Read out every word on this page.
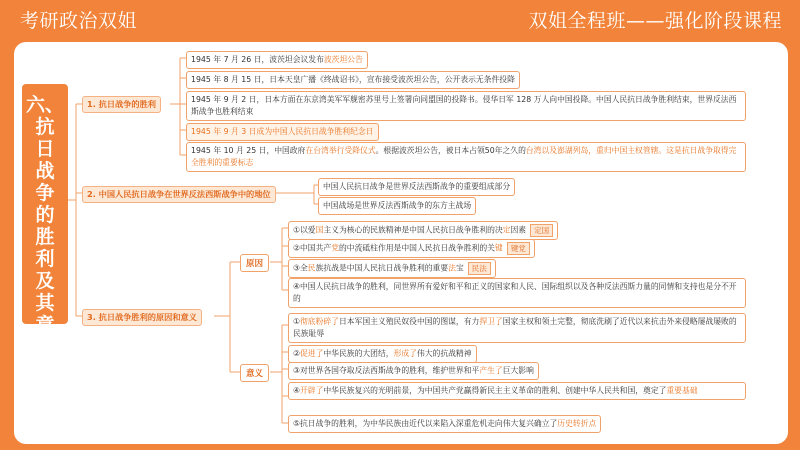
考研政治双姐	双姐全程班——强化阶段课程
六、
抗
日
战
争
的
胜
利
及
其
意
义
1. 抗日战争的胜利
1945 年 7 月 26 日，波茨坦会议发布波茨坦公告
1945 年 8 月 15 日，日本天皇广播《终战诏书》，宣布接受波茨坦公告，公开表示无条件投降
1945 年 9 月 2 日，日本方面在东京湾美军军舰密苏里号上签署向同盟国的投降书。侵华日军 128 万人向中国投降。中国人民抗日战争胜利结束，世界反法西斯战争也胜利结束
1945 年 9 月 3 日成为中国人民抗日战争胜利纪念日
1945 年 10 月 25 日，中国政府在台湾举行受降仪式。根据波茨坦公告，被日本占领50年之久的台湾以及澎湖列岛，重归中国主权管辖。这是抗日战争取得完全胜利的重要标志
2. 中国人民抗日战争在世界反法西斯战争中的地位
中国人民抗日战争是世界反法西斯战争的重要组成部分
中国战场是世界反法西斯战争的东方主战场
3. 抗日战争胜利的原因和意义
原因
意义
①以爱国主义为核心的民族精神是中国人民抗日战争胜利的决定因素 定国
②中国共产党的中流砥柱作用是中国人民抗日战争胜利的关键 键党
③全民族抗战是中国人民抗日战争胜利的重要法宝 民法
④中国人民抗日战争的胜利，同世界所有爱好和平和正义的国家和人民、国际组织以及各种反法西斯力量的同情和支持也是分不开的
①彻底粉碎了日本军国主义殖民奴役中国的图谋，有力捍卫了国家主权和领土完整，彻底洗刷了近代以来抗击外来侵略屡战屡败的民族耻辱
②促进了中华民族的大团结，形成了伟大的抗战精神
③对世界各国夺取反法西斯战争的胜利，维护世界和平产生了巨大影响
④开辟了中华民族复兴的光明前景，为中国共产党赢得新民主主义革命的胜利、创建中华人民共和国，奠定了重要基础
⑤抗日战争的胜利，为中华民族由近代以来陷入深重危机走向伟大复兴确立了历史转折点
